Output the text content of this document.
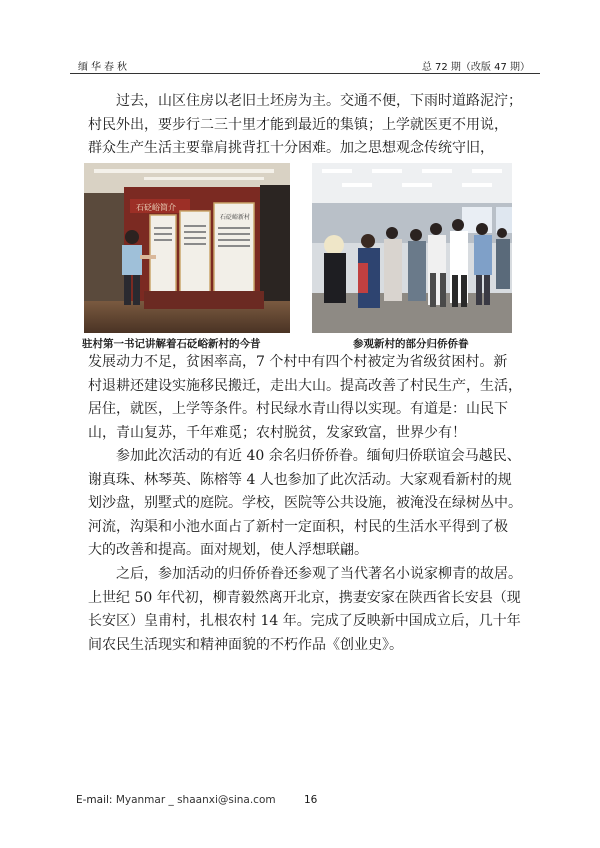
缅华春秋	总 72 期（改版 47 期）
过去，山区住房以老旧土坯房为主。交通不便，下雨时道路泥泞；
村民外出，要步行二三十里才能到最近的集镇；上学就医更不用说，
群众生产生活主要靠肩挑背扛十分困难。加之思想观念传统守旧，
石砭峪简介
石砭峪新村
驻村第一书记讲解着石砭峪新村的今昔	参观新村的部分归侨侨眷
发展动力不足，贫困率高，7 个村中有四个村被定为省级贫困村。新
村退耕还建设实施移民搬迁，走出大山。提高改善了村民生产，生活，
居住，就医，上学等条件。村民绿水青山得以实现。有道是：山民下
山，青山复苏，千年难觅；农村脱贫，发家致富，世界少有！
参加此次活动的有近 40 余名归侨侨眷。缅甸归侨联谊会马越民、
谢真珠、林琴英、陈榕等 4 人也参加了此次活动。大家观看新村的规
划沙盘，别墅式的庭院。学校，医院等公共设施，被淹没在绿树丛中。
河流，沟渠和小池水面占了新村一定面积，村民的生活水平得到了极
大的改善和提高。面对规划，使人浮想联翩。
之后，参加活动的归侨侨眷还参观了当代著名小说家柳青的故居。
上世纪 50 年代初，柳青毅然离开北京，携妻安家在陕西省长安县（现
长安区）皇甫村，扎根农村 14 年。完成了反映新中国成立后，几十年
间农民生活现实和精神面貌的不朽作品《创业史》。
E-mail: Myanmar _ shaanxi@sina.com	16
